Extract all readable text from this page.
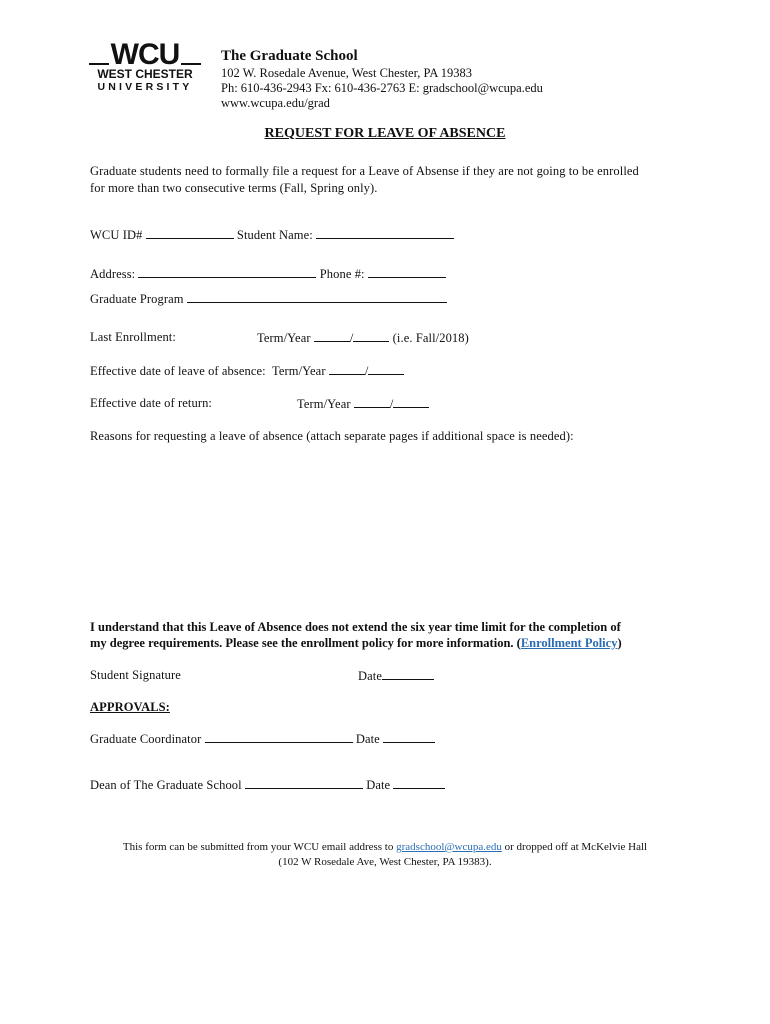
WCU
WEST CHESTER
UNIVERSITY
The Graduate School
102 W. Rosedale Avenue, West Chester, PA 19383
Ph: 610-436-2943 Fx: 610-436-2763 E: gradschool@wcupa.edu
www.wcupa.edu/grad
REQUEST FOR LEAVE OF ABSENCE
Graduate students need to formally file a request for a Leave of Absense if they are not going to be enrolled
for more than two consecutive terms (Fall, Spring only).
WCU ID#	Student Name:
Address:	Phone #:
Graduate Program
Last Enrollment:	Term/Year	/	(i.e. Fall/2018)
Effective date of leave of absence: Term/Year	/
Effective date of return:	Term/Year	/
Reasons for requesting a leave of absence (attach separate pages if additional space is needed):
I understand that this Leave of Absence does not extend the six year time limit for the completion of
my degree requirements. Please see the enrollment policy for more information. (Enrollment Policy)
Student Signature	Date
APPROVALS:
Graduate Coordinator	Date
Dean of The Graduate School	Date
This form can be submitted from your WCU email address to gradschool@wcupa.edu or dropped off at McKelvie Hall
(102 W Rosedale Ave, West Chester, PA 19383).
